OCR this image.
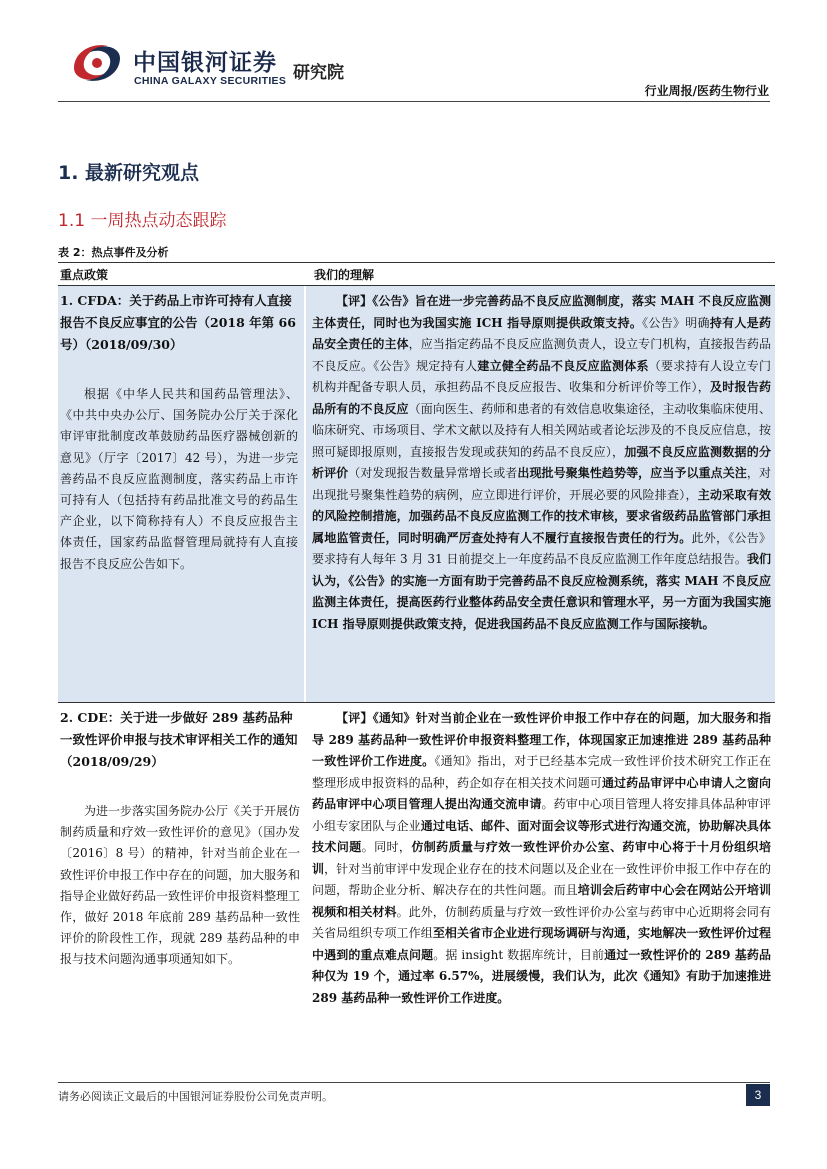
中国银河证券
CHINA GALAXY SECURITIES 研究院
行业周报/医药生物行业
1. 最新研究观点
1.1 一周热点动态跟踪
表 2：热点事件及分析
重点政策	我们的理解
1. CFDA：关于药品上市许可持有人直接报告不良反应事宜的公告（2018 年第 66 号）（2018/09/30）
根据《中华人民共和国药品管理法》、《中共中央办公厅、国务院办公厅关于深化审评审批制度改革鼓励药品医疗器械创新的意见》（厅字〔2017〕42 号），为进一步完善药品不良反应监测制度，落实药品上市许可持有人（包括持有药品批准文号的药品生产企业，以下简称持有人）不良反应报告主体责任，国家药品监督管理局就持有人直接报告不良反应公告如下。
【评】《公告》旨在进一步完善药品不良反应监测制度，落实 MAH 不良反应监测主体责任，同时也为我国实施 ICH 指导原则提供政策支持。《公告》明确持有人是药品安全责任的主体，应当指定药品不良反应监测负责人，设立专门机构，直接报告药品不良反应。《公告》规定持有人建立健全药品不良反应监测体系（要求持有人设立专门机构并配备专职人员，承担药品不良反应报告、收集和分析评价等工作），及时报告药品所有的不良反应（面向医生、药师和患者的有效信息收集途径，主动收集临床使用、临床研究、市场项目、学术文献以及持有人相关网站或者论坛涉及的不良反应信息，按照可疑即报原则，直接报告发现或获知的药品不良反应），加强不良反应监测数据的分析评价（对发现报告数量异常增长或者出现批号聚集性趋势等，应当予以重点关注，对出现批号聚集性趋势的病例，应立即进行评价，开展必要的风险排查），主动采取有效的风险控制措施，加强药品不良反应监测工作的技术审核，要求省级药品监管部门承担属地监管责任，同时明确严厉查处持有人不履行直接报告责任的行为。此外，《公告》要求持有人每年 3 月 31 日前提交上一年度药品不良反应监测工作年度总结报告。我们认为，《公告》的实施一方面有助于完善药品不良反应检测系统，落实 MAH 不良反应监测主体责任，提高医药行业整体药品安全责任意识和管理水平，另一方面为我国实施 ICH 指导原则提供政策支持，促进我国药品不良反应监测工作与国际接轨。
2. CDE：关于进一步做好 289 基药品种一致性评价申报与技术审评相关工作的通知（2018/09/29）
为进一步落实国务院办公厅《关于开展仿制药质量和疗效一致性评价的意见》（国办发〔2016〕8 号）的精神，针对当前企业在一致性评价申报工作中存在的问题，加大服务和指导企业做好药品一致性评价申报资料整理工作，做好 2018 年底前 289 基药品种一致性评价的阶段性工作，现就 289 基药品种的申报与技术问题沟通事项通知如下。
【评】《通知》针对当前企业在一致性评价申报工作中存在的问题，加大服务和指导 289 基药品种一致性评价申报资料整理工作，体现国家正加速推进 289 基药品种一致性评价工作进度。《通知》指出，对于已经基本完成一致性评价技术研究工作正在整理形成申报资料的品种，药企如存在相关技术问题可通过药品审评中心申请人之窗向药品审评中心项目管理人提出沟通交流申请。药审中心项目管理人将安排具体品种审评小组专家团队与企业通过电话、邮件、面对面会议等形式进行沟通交流，协助解决具体技术问题。同时，仿制药质量与疗效一致性评价办公室、药审中心将于十月份组织培训，针对当前审评中发现企业存在的技术问题以及企业在一致性评价申报工作中存在的问题，帮助企业分析、解决存在的共性问题。而且培训会后药审中心会在网站公开培训视频和相关材料。此外，仿制药质量与疗效一致性评价办公室与药审中心近期将会同有关省局组织专项工作组至相关省市企业进行现场调研与沟通，实地解决一致性评价过程中遇到的重点难点问题。据 insight 数据库统计，目前通过一致性评价的 289 基药品种仅为 19 个，通过率 6.57%，进展缓慢，我们认为，此次《通知》有助于加速推进 289 基药品种一致性评价工作进度。
请务必阅读正文最后的中国银河证券股份公司免责声明。	3
